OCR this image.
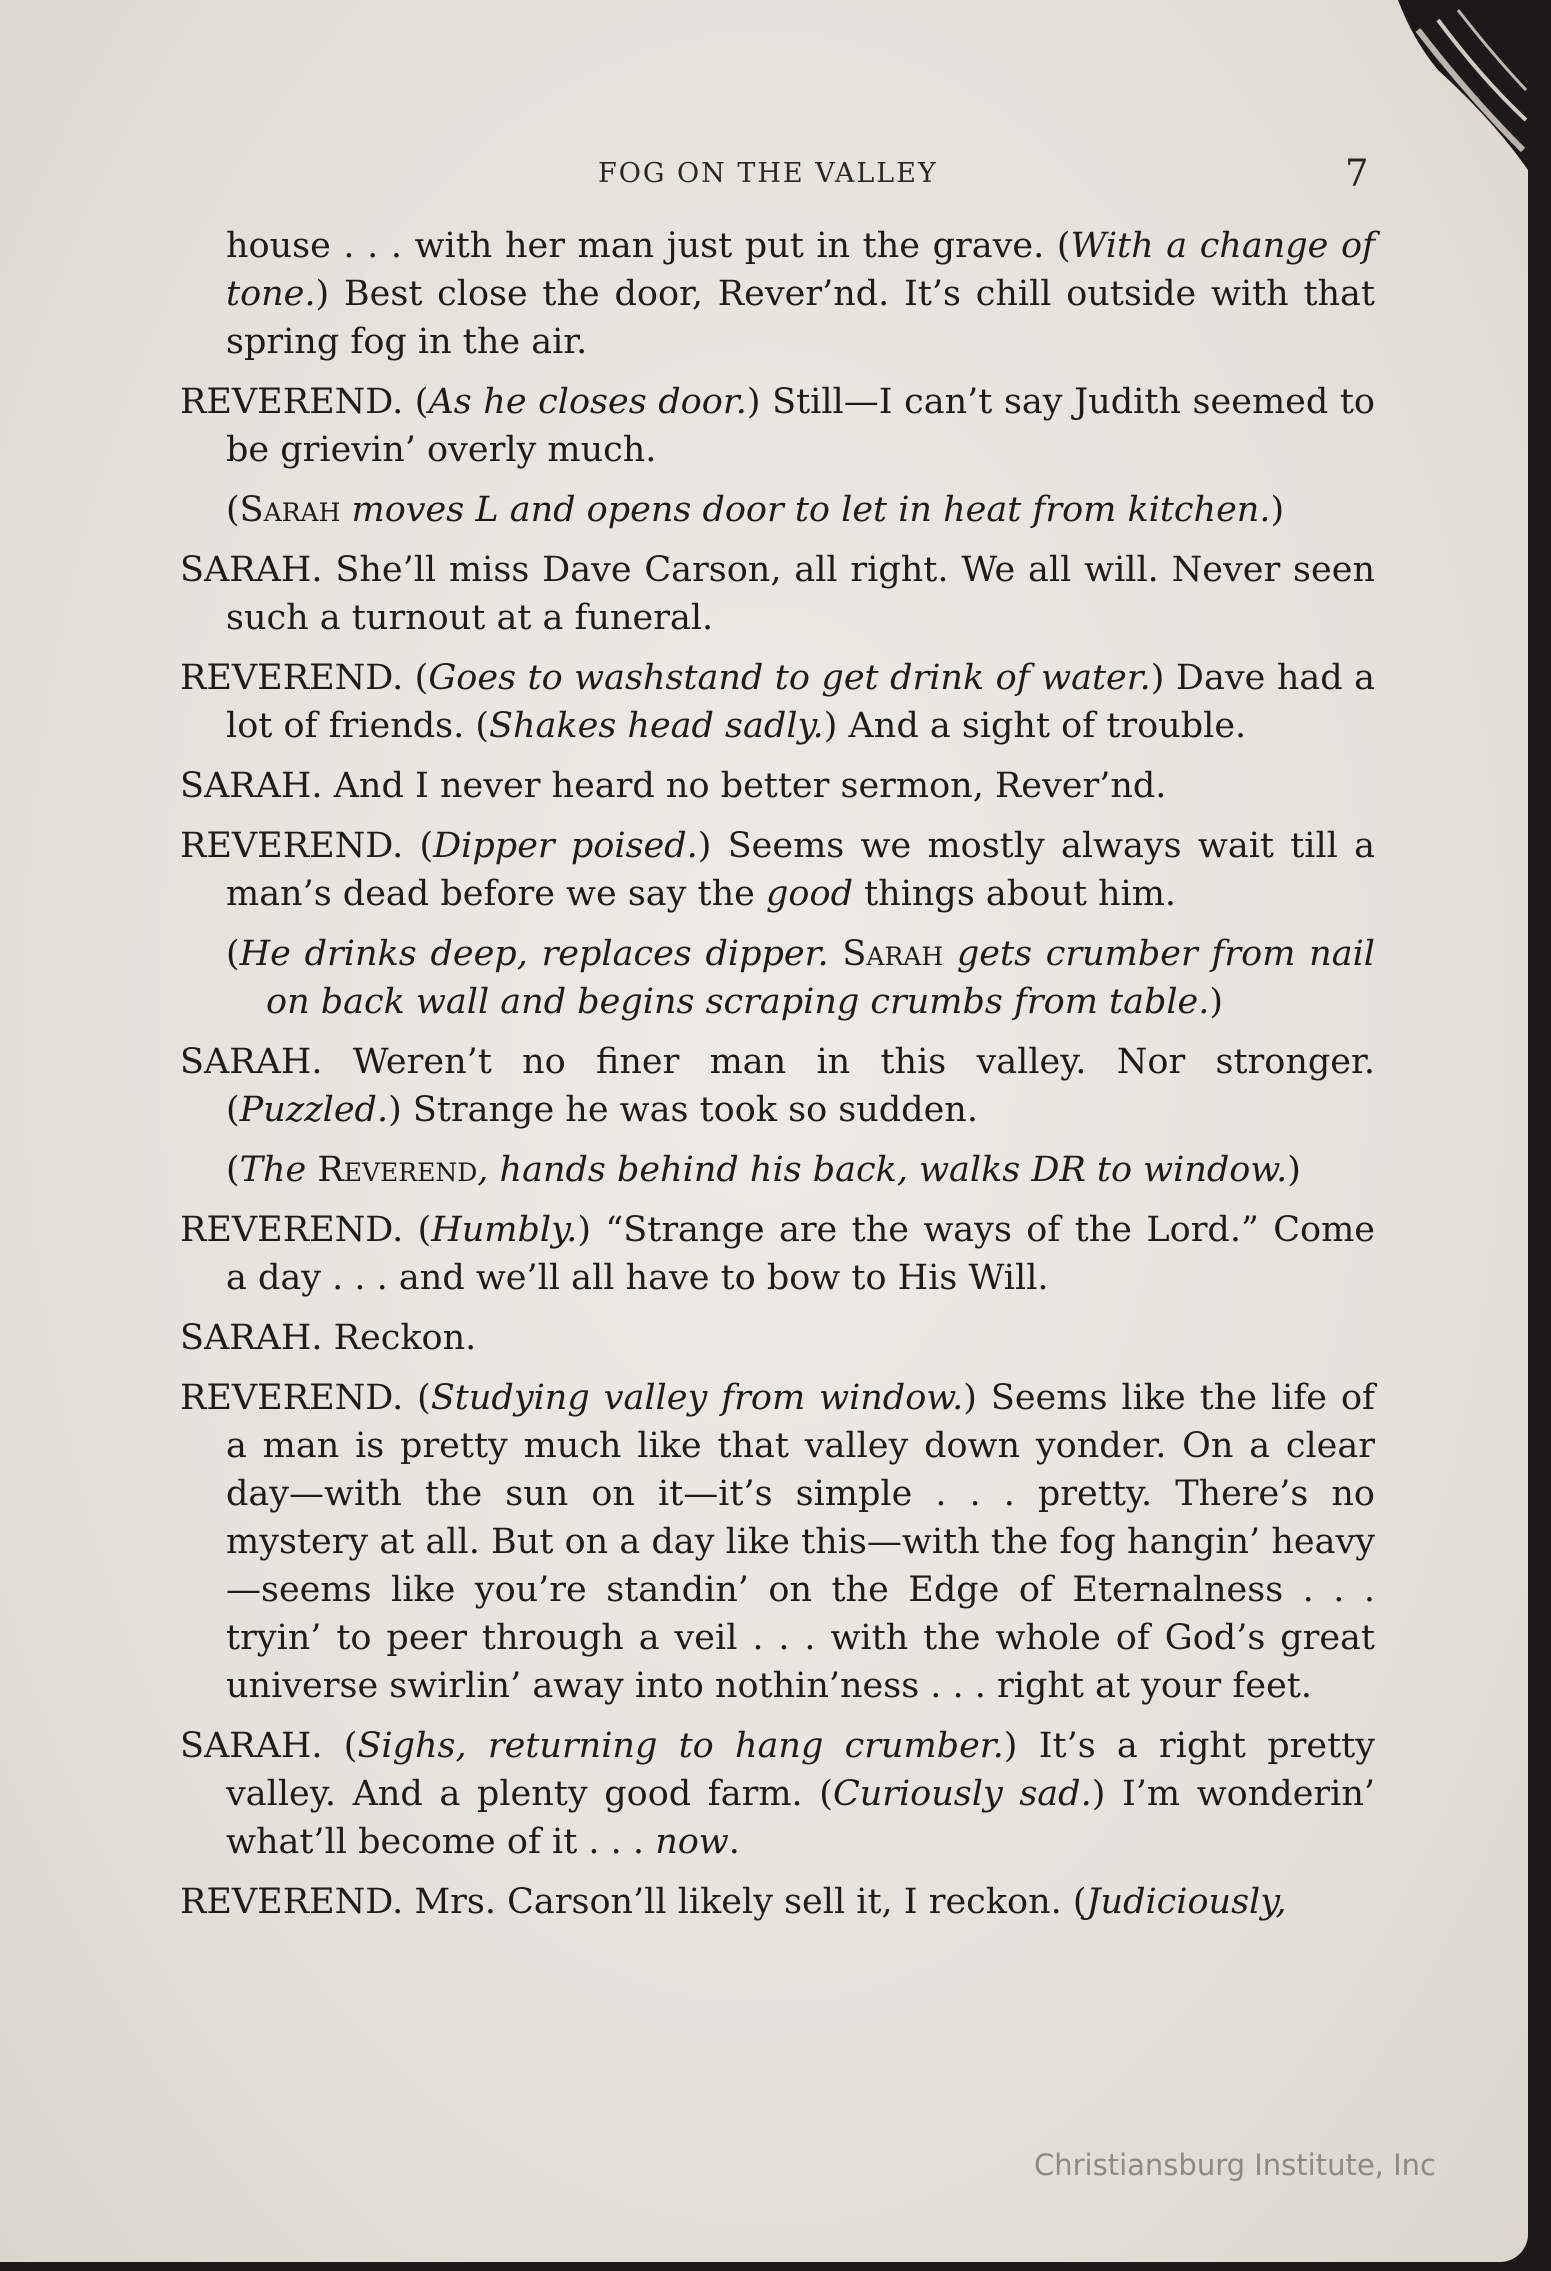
FOG ON THE VALLEY	7

house . . . with her man just put in the grave. (With a change of tone.) Best close the door, Rever’nd. It’s chill outside with that spring fog in the air.

REVEREND. (As he closes door.) Still—I can’t say Judith seemed to be grievin’ overly much.

(Sarah moves L and opens door to let in heat from kitchen.)

SARAH. She’ll miss Dave Carson, all right. We all will. Never seen such a turnout at a funeral.

REVEREND. (Goes to washstand to get drink of water.) Dave had a lot of friends. (Shakes head sadly.) And a sight of trouble.

SARAH. And I never heard no better sermon, Rever’nd.

REVEREND. (Dipper poised.) Seems we mostly always wait till a man’s dead before we say the good things about him.

(He drinks deep, replaces dipper. Sarah gets crumber from nail on back wall and begins scraping crumbs from table.)

SARAH. Weren’t no finer man in this valley. Nor stronger. (Puzzled.) Strange he was took so sudden.

(The Reverend, hands behind his back, walks DR to window.)

REVEREND. (Humbly.) “Strange are the ways of the Lord.” Come a day . . . and we’ll all have to bow to His Will.

SARAH. Reckon.

REVEREND. (Studying valley from window.) Seems like the life of a man is pretty much like that valley down yonder. On a clear day—with the sun on it—it’s simple . . . pretty. There’s no mystery at all. But on a day like this—with the fog hangin’ heavy—seems like you’re standin’ on the Edge of Eternalness . . . tryin’ to peer through a veil . . . with the whole of God’s great universe swirlin’ away into nothin’ness . . . right at your feet.

SARAH. (Sighs, returning to hang crumber.) It’s a right pretty valley. And a plenty good farm. (Curiously sad.) I’m wonderin’ what’ll become of it . . . now.

REVEREND. Mrs. Carson’ll likely sell it, I reckon. (Judiciously,

Christiansburg Institute, Inc
